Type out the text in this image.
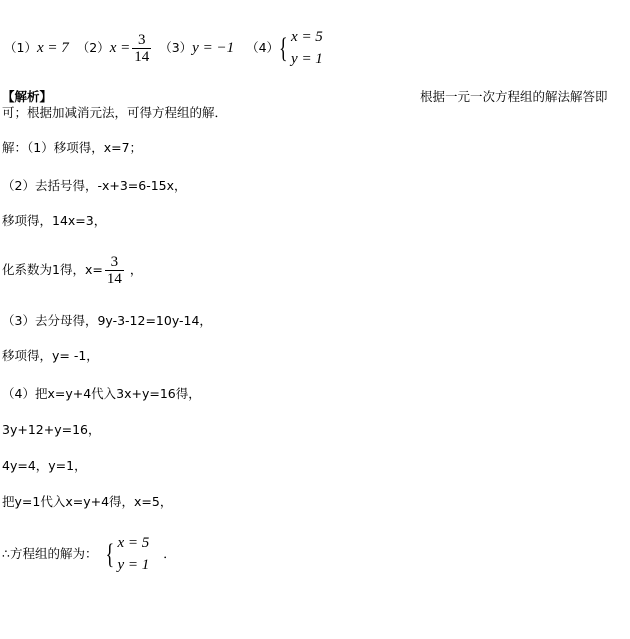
（1） x = 7 （2） $x = \frac{3}{14} (3) y = -1$ （4） { x = 5
y = 1
【解析】	根据一元一次方程组的解法解答即
可；根据加减消元法，可得方程组的解．
解：（1）移项得，x=7；
（2）去括号得，-x+3=6-15x，
移项得，14x=3，
化系数为1得，$x= \frac{3}{14}$ ，
（3）去分母得，9y-3-12=10y-14，
移项得，y= -1，
（4）把x=y+4代入3x+y=16得，
3y+12+y=16，
4y=4，y=1，
把y=1代入x=y+4得，x=5，
∴方程组的解为： { x = 5
y = 1
．
